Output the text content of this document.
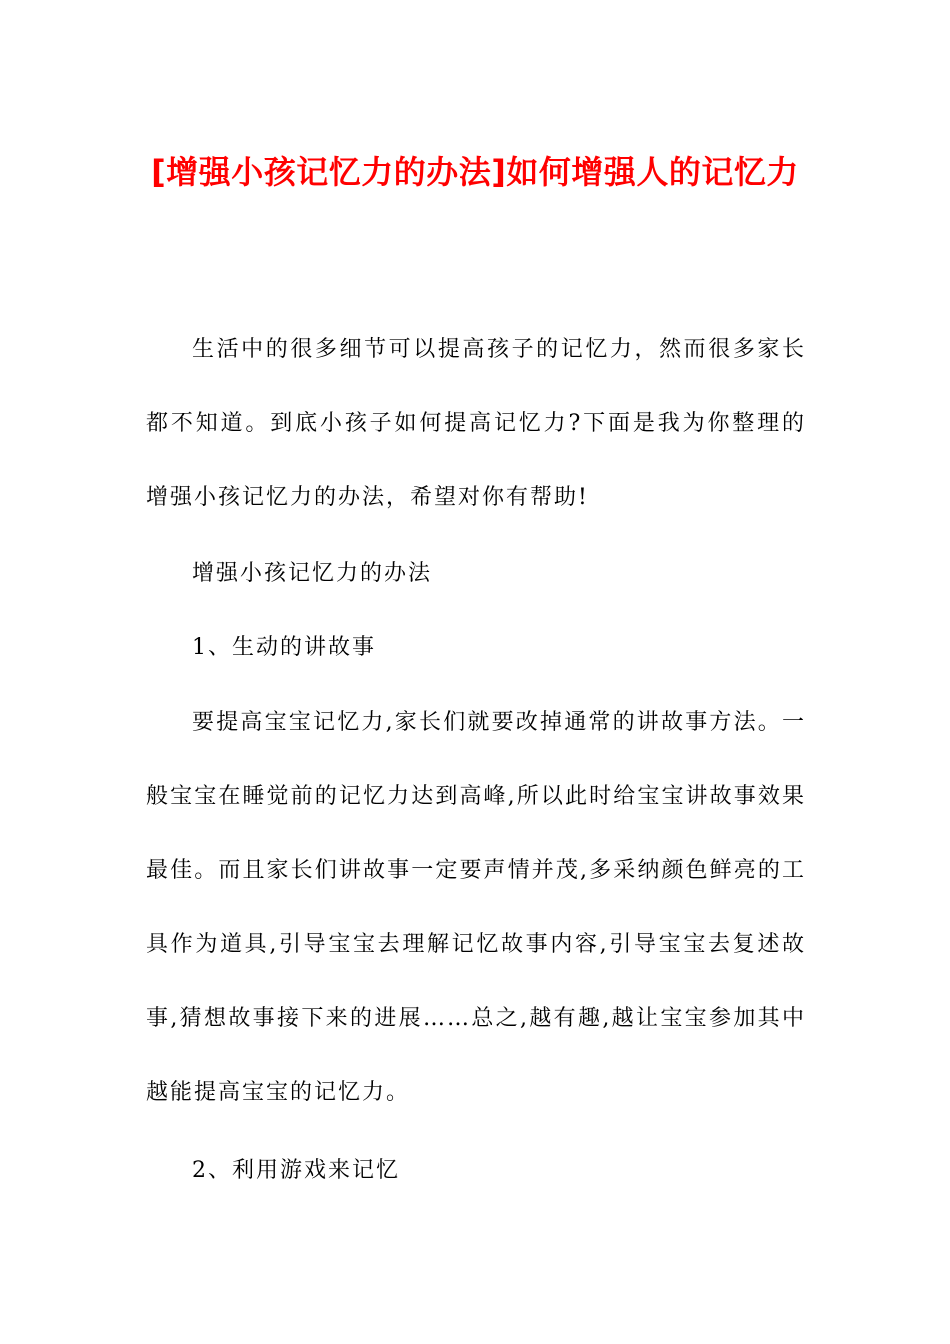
[增强小孩记忆力的办法]如何增强人的记忆力

生活中的很多细节可以提高孩子的记忆力，然而很多家长都不知道。到底小孩子如何提高记忆力?下面是我为你整理的增强小孩记忆力的办法，希望对你有帮助!

增强小孩记忆力的办法

1、生动的讲故事

要提高宝宝记忆力,家长们就要改掉通常的讲故事方法。一般宝宝在睡觉前的记忆力达到高峰,所以此时给宝宝讲故事效果最佳。而且家长们讲故事一定要声情并茂,多采纳颜色鲜亮的工具作为道具,引导宝宝去理解记忆故事内容,引导宝宝去复述故事,猜想故事接下来的进展……总之,越有趣,越让宝宝参加其中越能提高宝宝的记忆力。

2、利用游戏来记忆
